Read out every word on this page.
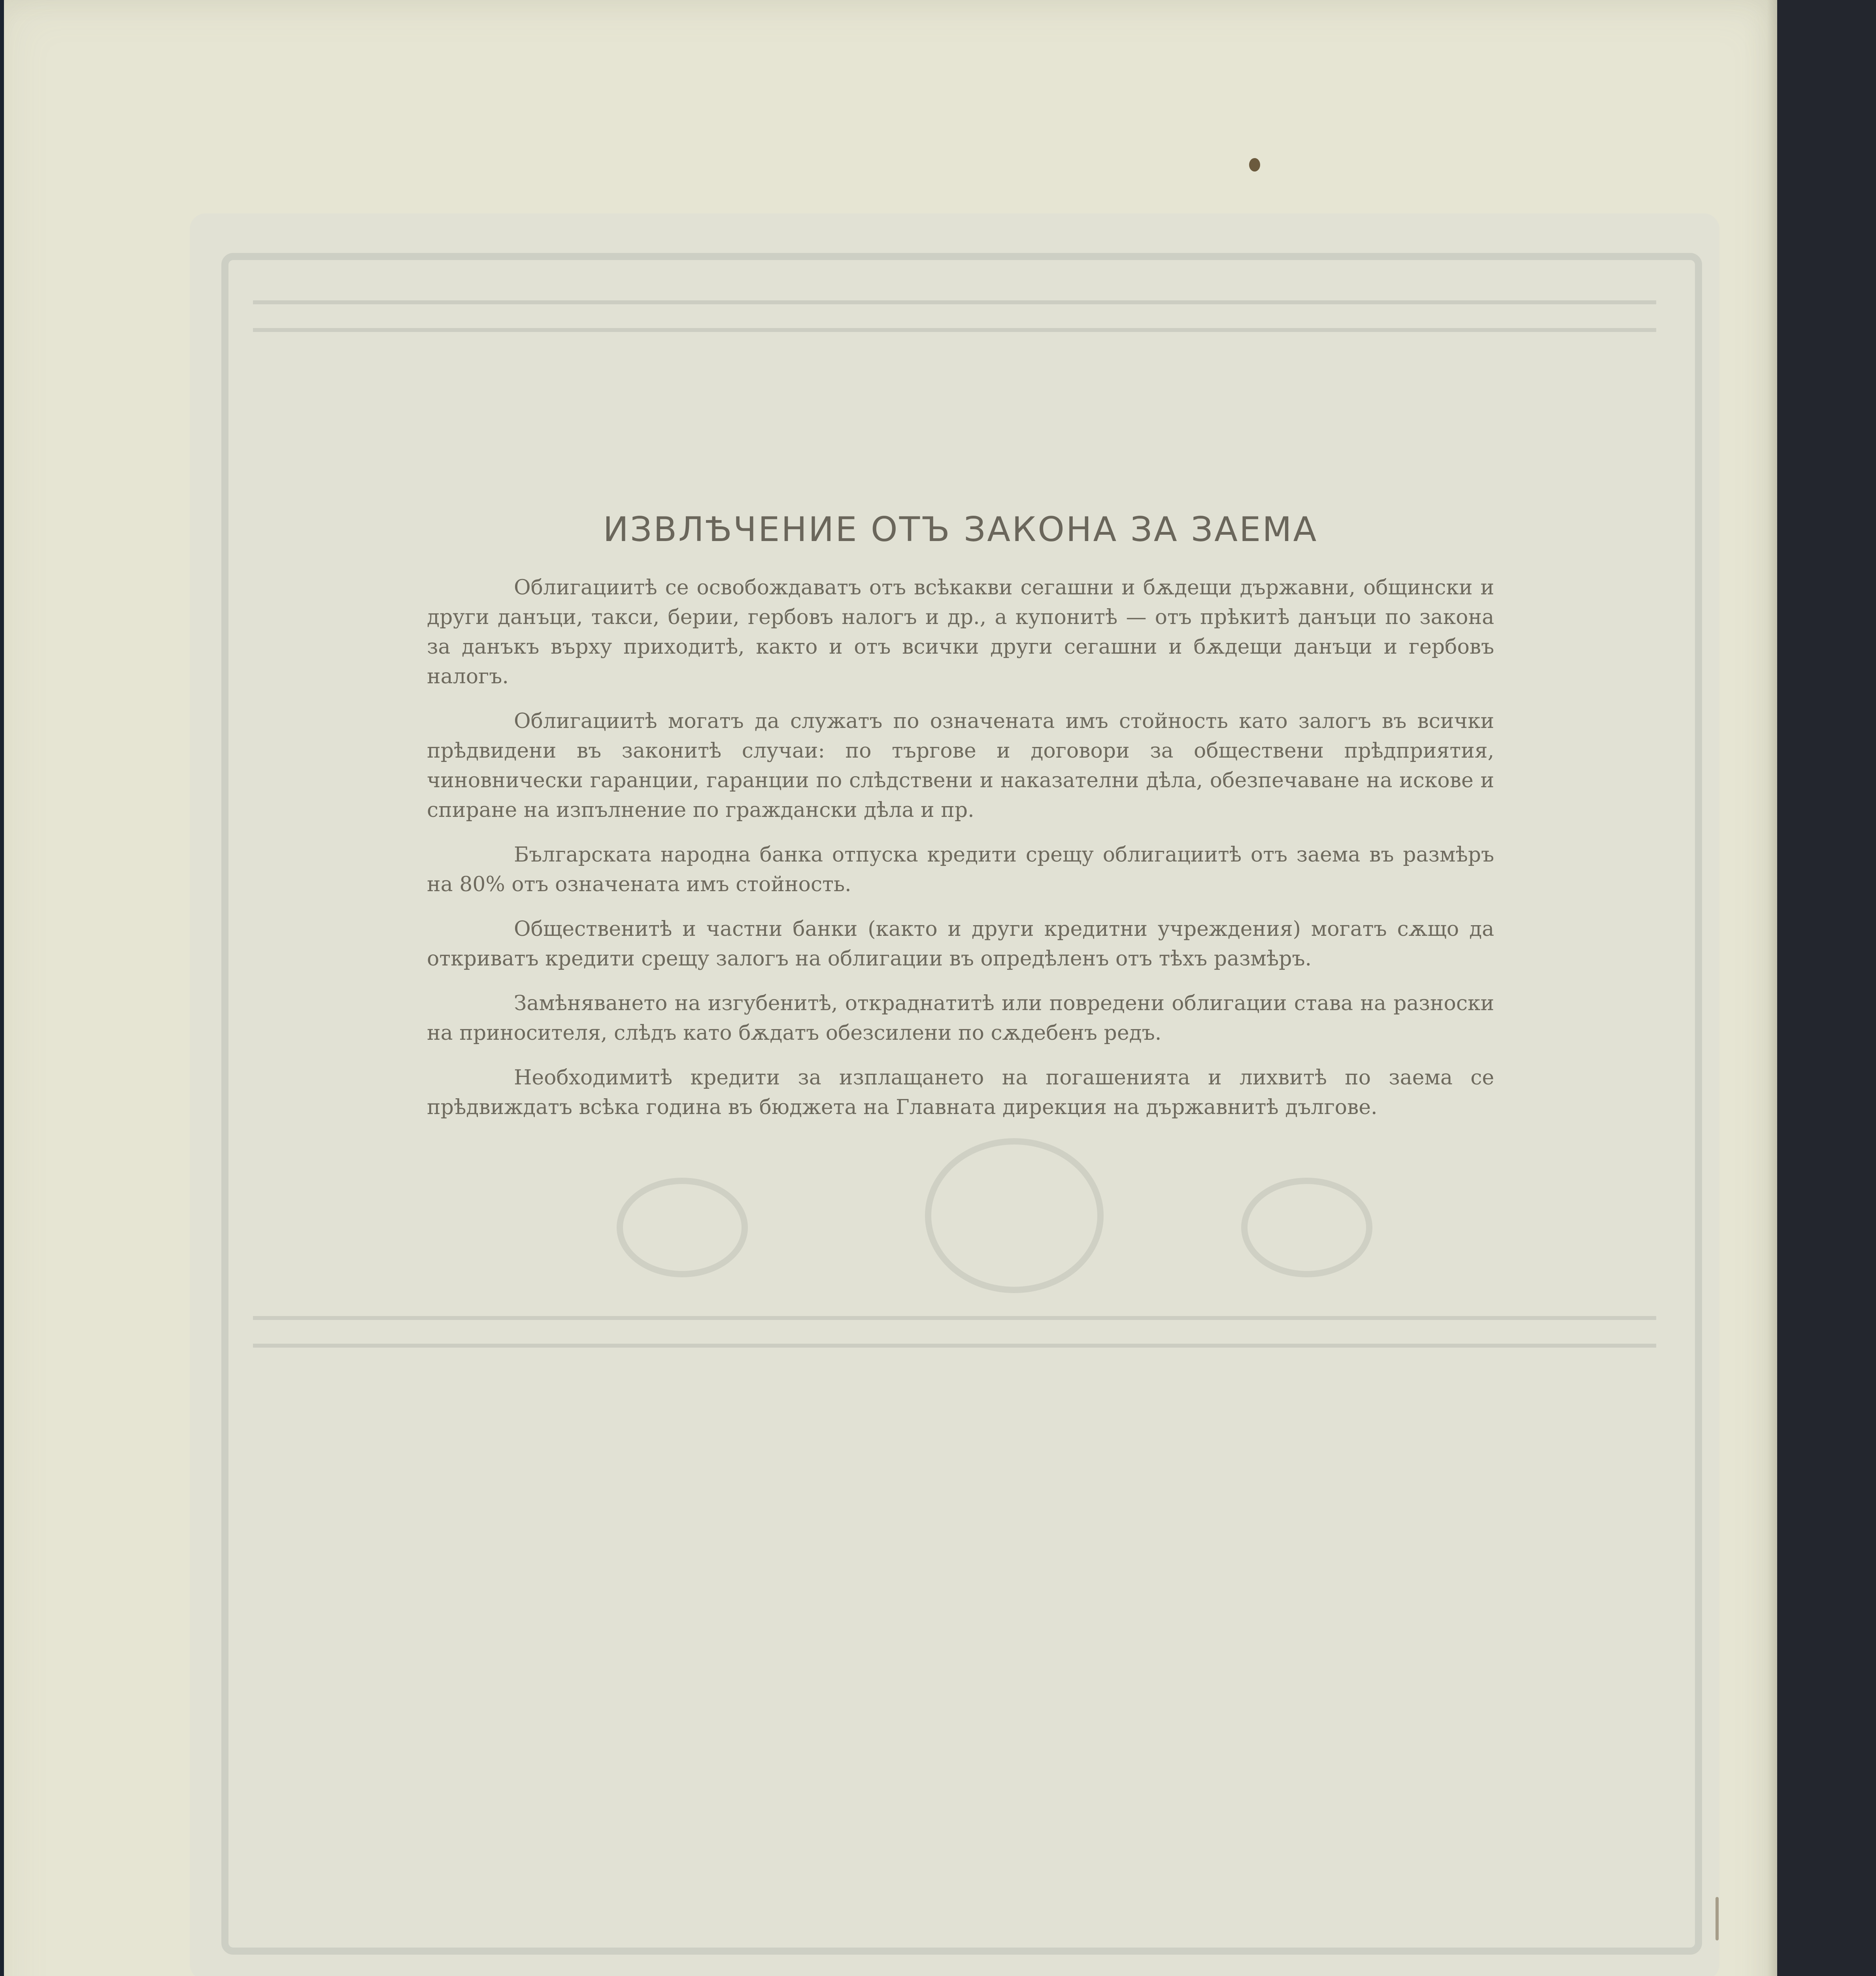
ИЗВЛѢЧЕНИЕ ОТЪ ЗАКОНА ЗА ЗАЕМА

Облигациитѣ се освобождаватъ отъ всѣкакви сегашни и бѫдещи държавни, общински и други данъци, такси, берии, гербовъ налогъ и др., а купонитѣ — отъ прѣкитѣ данъци по закона за данъкъ върху приходитѣ, както и отъ всички други сегашни и бѫдещи данъци и гербовъ налогъ.

Облигациитѣ могатъ да служатъ по означената имъ стойность като залогъ въ всички прѣдвидени въ законитѣ случаи: по търгове и договори за обществени прѣдприятия, чиновнически гаранции, гаранции по слѣдствени и наказателни дѣла, обезпечаване на искове и спиране на изпълнение по граждански дѣла и пр.

Българската народна банка отпуска кредити срещу облигациитѣ отъ заема въ размѣръ на 80% отъ означената имъ стойность.

Общественитѣ и частни банки (както и други кредитни учреждения) могатъ сѫщо да откриватъ кредити срещу залогъ на облигации въ опредѣленъ отъ тѣхъ размѣръ.

Замѣняването на изгубенитѣ, откраднатитѣ или повредени облигации става на разноски на приносителя, слѣдъ като бѫдатъ обезсилени по сѫдебенъ редъ.

Необходимитѣ кредити за изплащането на погашенията и лихвитѣ по заема се прѣдвиждатъ всѣка година въ бюджета на Главната дирекция на държавнитѣ дългове.
